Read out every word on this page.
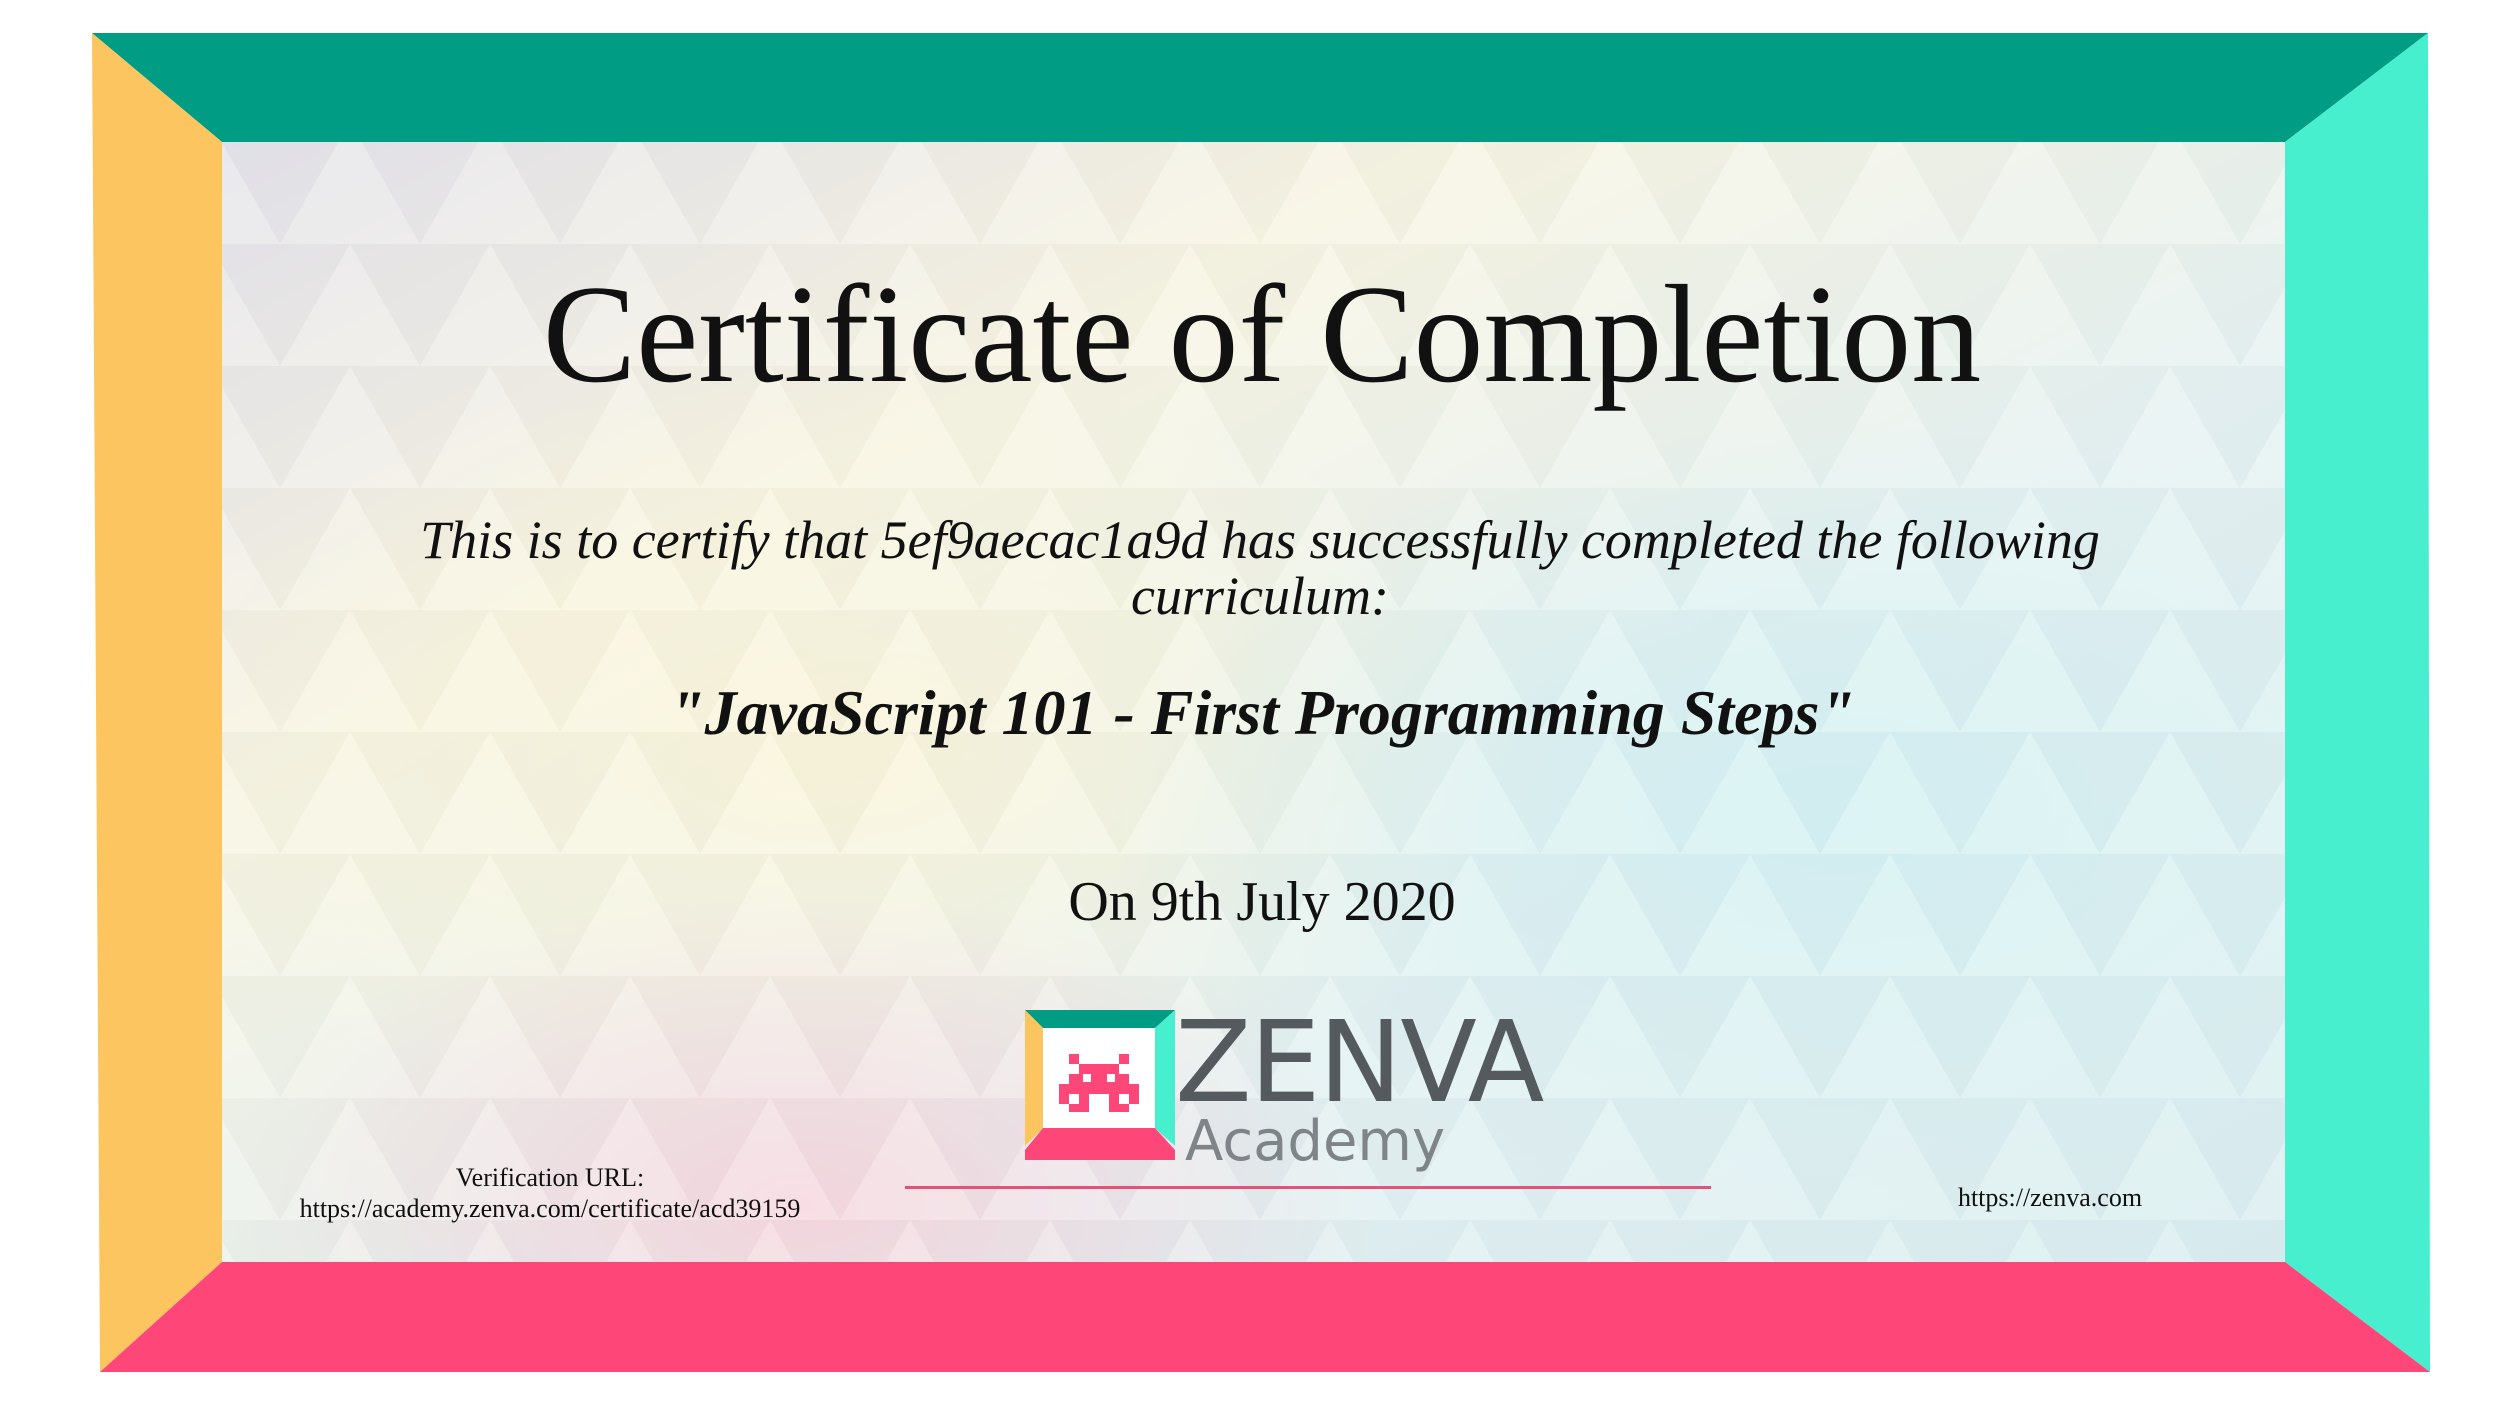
Certificate of Completion
This is to certify that 5ef9aecac1a9d has successfully completed the following curriculum:
"JavaScript 101 - First Programming Steps"
On 9th July 2020
ZENVA
Academy
Verification URL:
https://academy.zenva.com/certificate/acd39159	https://zenva.com
